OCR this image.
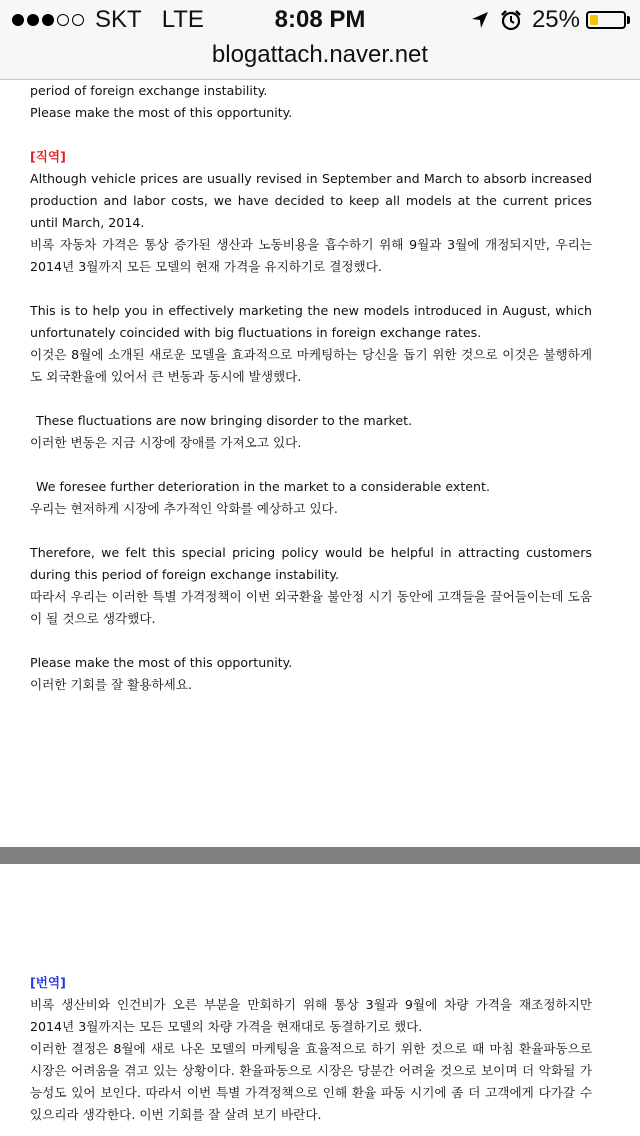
SKT LTE	8:08 PM	25%
blogattach.naver.net

period of foreign exchange instability.

Please make the most of this opportunity.

[직역]

Although vehicle prices are usually revised in September and March to absorb increased production and labor costs, we have decided to keep all models at the current prices until March, 2014.

비록 자동차 가격은 통상 증가된 생산과 노동비용을 흡수하기 위해 9월과 3월에 개정되지만, 우리는 2014년 3월까지 모든 모델의 현재 가격을 유지하기로 결정했다.

This is to help you in effectively marketing the new models introduced in August, which unfortunately coincided with big fluctuations in foreign exchange rates.

이것은 8월에 소개된 새로운 모델을 효과적으로 마케팅하는 당신을 돕기 위한 것으로 이것은 불행하게도 외국환율에 있어서 큰 변동과 동시에 발생했다.

These fluctuations are now bringing disorder to the market.

이러한 변동은 지금 시장에 장애를 가져오고 있다.

We foresee further deterioration in the market to a considerable extent.

우리는 현저하게 시장에 추가적인 악화를 예상하고 있다.

Therefore, we felt this special pricing policy would be helpful in attracting customers during this period of foreign exchange instability.

따라서 우리는 이러한 특별 가격정책이 이번 외국환율 불안정 시기 동안에 고객들을 끌어들이는데 도움이 될 것으로 생각했다.

Please make the most of this opportunity.

이러한 기회를 잘 활용하세요.

[번역]

비록 생산비와 인건비가 오른 부분을 만회하기 위해 통상 3월과 9월에 차량 가격을 재조정하지만 2014년 3월까지는 모든 모델의 차량 가격을 현재대로 동결하기로 했다.

이러한 결정은 8월에 새로 나온 모델의 마케팅을 효율적으로 하기 위한 것으로 때 마침 환율파동으로 시장은 어려움을 겪고 있는 상황이다. 환율파동으로 시장은 당분간 어려울 것으로 보이며 더 악화될 가능성도 있어 보인다. 따라서 이번 특별 가격정책으로 인해 환율 파동 시기에 좀 더 고객에게 다가갈 수 있으리라 생각한다. 이번 기회를 잘 살려 보기 바란다.
